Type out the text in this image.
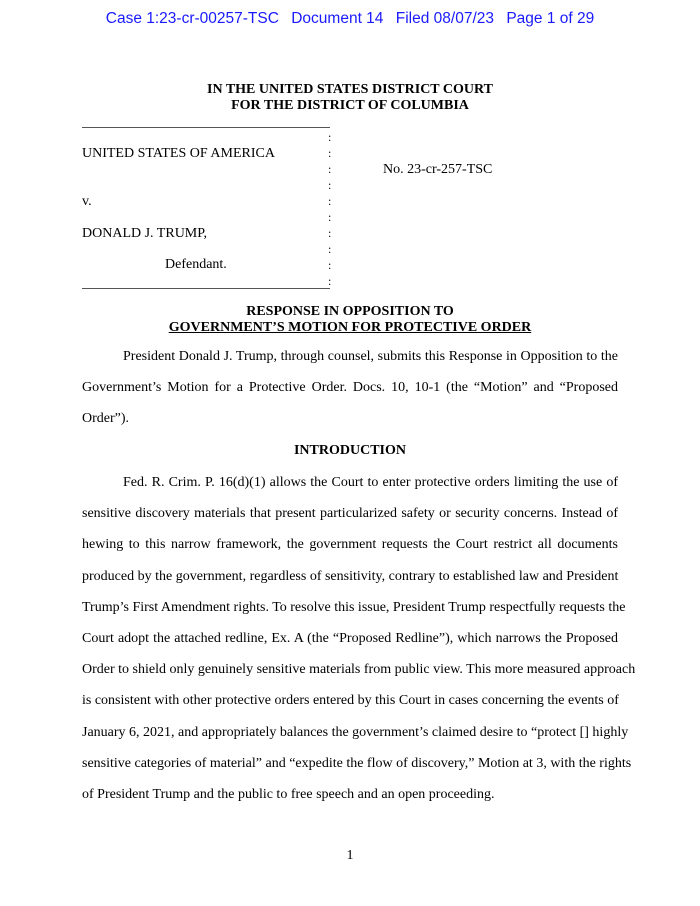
Case 1:23-cr-00257-TSC Document 14 Filed 08/07/23 Page 1 of 29
IN THE UNITED STATES DISTRICT COURT
FOR THE DISTRICT OF COLUMBIA
UNITED STATES OF AMERICA
v.
DONALD J. TRUMP,
Defendant.
:
:
:
:
:
:
:
:
:
:
No. 23-cr-257-TSC
RESPONSE IN OPPOSITION TO
GOVERNMENT’S MOTION FOR PROTECTIVE ORDER
President Donald J. Trump, through counsel, submits this Response in Opposition to the
Government’s Motion for a Protective Order. Docs. 10, 10-1 (the “Motion” and “Proposed
Order”).
INTRODUCTION
Fed. R. Crim. P. 16(d)(1) allows the Court to enter protective orders limiting the use of
sensitive discovery materials that present particularized safety or security concerns. Instead of
hewing to this narrow framework, the government requests the Court restrict all documents
produced by the government, regardless of sensitivity, contrary to established law and President
Trump’s First Amendment rights. To resolve this issue, President Trump respectfully requests the
Court adopt the attached redline, Ex. A (the “Proposed Redline”), which narrows the Proposed
Order to shield only genuinely sensitive materials from public view. This more measured approach
is consistent with other protective orders entered by this Court in cases concerning the events of
January 6, 2021, and appropriately balances the government’s claimed desire to “protect [] highly
sensitive categories of material” and “expedite the flow of discovery,” Motion at 3, with the rights
of President Trump and the public to free speech and an open proceeding.
1
